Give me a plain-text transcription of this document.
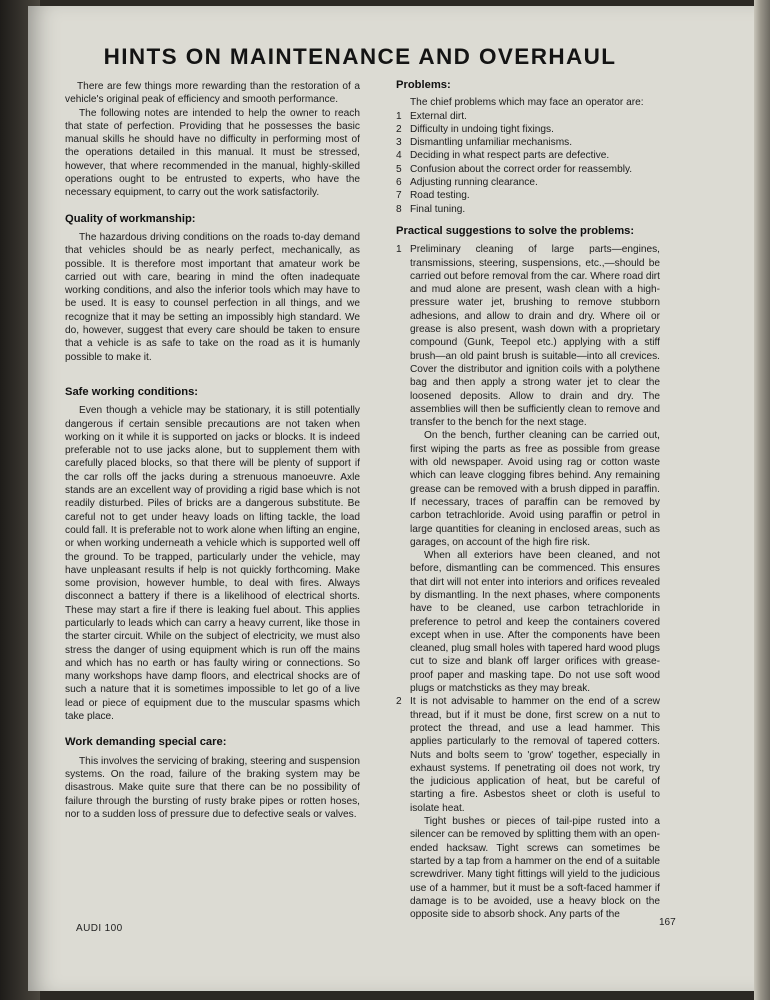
HINTS ON MAINTENANCE AND OVERHAUL

There are few things more rewarding than the restoration of a vehicle's original peak of efficiency and smooth performance.

The following notes are intended to help the owner to reach that state of perfection. Providing that he possesses the basic manual skills he should have no difficulty in performing most of the operations detailed in this manual. It must be stressed, however, that where recommended in the manual, highly-skilled operations ought to be entrusted to experts, who have the necessary equipment, to carry out the work satisfactorily.

Quality of workmanship:

The hazardous driving conditions on the roads to-day demand that vehicles should be as nearly perfect, mechanically, as possible. It is therefore most important that amateur work be carried out with care, bearing in mind the often inadequate working conditions, and also the inferior tools which may have to be used. It is easy to counsel perfection in all things, and we recognize that it may be setting an impossibly high standard. We do, however, suggest that every care should be taken to ensure that a vehicle is as safe to take on the road as it is humanly possible to make it.

Safe working conditions:

Even though a vehicle may be stationary, it is still potentially dangerous if certain sensible precautions are not taken when working on it while it is supported on jacks or blocks. It is indeed preferable not to use jacks alone, but to supplement them with carefully placed blocks, so that there will be plenty of support if the car rolls off the jacks during a strenuous manoeuvre. Axle stands are an excellent way of providing a rigid base which is not readily disturbed. Piles of bricks are a dangerous substitute. Be careful not to get under heavy loads on lifting tackle, the load could fall. It is preferable not to work alone when lifting an engine, or when working underneath a vehicle which is supported well off the ground. To be trapped, particularly under the vehicle, may have unpleasant results if help is not quickly forthcoming. Make some provision, however humble, to deal with fires. Always disconnect a battery if there is a likelihood of electrical shorts. These may start a fire if there is leaking fuel about. This applies particularly to leads which can carry a heavy current, like those in the starter circuit. While on the subject of electricity, we must also stress the danger of using equipment which is run off the mains and which has no earth or has faulty wiring or connections. So many workshops have damp floors, and electrical shocks are of such a nature that it is sometimes impossible to let go of a live lead or piece of equipment due to the muscular spasms which take place.

Work demanding special care:

This involves the servicing of braking, steering and suspension systems. On the road, failure of the braking system may be disastrous. Make quite sure that there can be no possibility of failure through the bursting of rusty brake pipes or rotten hoses, nor to a sudden loss of pressure due to defective seals or valves.

Problems:

The chief problems which may face an operator are:

1 External dirt.
2 Difficulty in undoing tight fixings.
3 Dismantling unfamiliar mechanisms.
4 Deciding in what respect parts are defective.
5 Confusion about the correct order for reassembly.
6 Adjusting running clearance.
7 Road testing.
8 Final tuning.
Practical suggestions to solve the problems:
1 Preliminary cleaning of large parts—engines, transmissions, steering, suspensions, etc.,—should be carried out before removal from the car. Where road dirt and mud alone are present, wash clean with a high-pressure water jet, brushing to remove stubborn adhesions, and allow to drain and dry. Where oil or grease is also present, wash down with a proprietary compound (Gunk, Teepol etc.) applying with a stiff brush—an old paint brush is suitable—into all crevices. Cover the distributor and ignition coils with a polythene bag and then apply a strong water jet to clear the loosened deposits. Allow to drain and dry. The assemblies will then be sufficiently clean to remove and transfer to the bench for the next stage.

On the bench, further cleaning can be carried out, first wiping the parts as free as possible from grease with old newspaper. Avoid using rag or cotton waste which can leave clogging fibres behind. Any remaining grease can be removed with a brush dipped in paraffin. If necessary, traces of paraffin can be removed by carbon tetrachloride. Avoid using paraffin or petrol in large quantities for cleaning in enclosed areas, such as garages, on account of the high fire risk.

When all exteriors have been cleaned, and not before, dismantling can be commenced. This ensures that dirt will not enter into interiors and orifices revealed by dismantling. In the next phases, where components have to be cleaned, use carbon tetrachloride in preference to petrol and keep the containers covered except when in use. After the components have been cleaned, plug small holes with tapered hard wood plugs cut to size and blank off larger orifices with grease-proof paper and masking tape. Do not use soft wood plugs or matchsticks as they may break.

2 It is not advisable to hammer on the end of a screw thread, but if it must be done, first screw on a nut to protect the thread, and use a lead hammer. This applies particularly to the removal of tapered cotters. Nuts and bolts seem to 'grow' together, especially in exhaust systems. If penetrating oil does not work, try the judicious application of heat, but be careful of starting a fire. Asbestos sheet or cloth is useful to isolate heat.

Tight bushes or pieces of tail-pipe rusted into a silencer can be removed by splitting them with an open-ended hacksaw. Tight screws can sometimes be started by a tap from a hammer on the end of a suitable screwdriver. Many tight fittings will yield to the judicious use of a hammer, but it must be a soft-faced hammer if damage is to be avoided, use a heavy block on the opposite side to absorb shock. Any parts of the

AUDI 100
167
